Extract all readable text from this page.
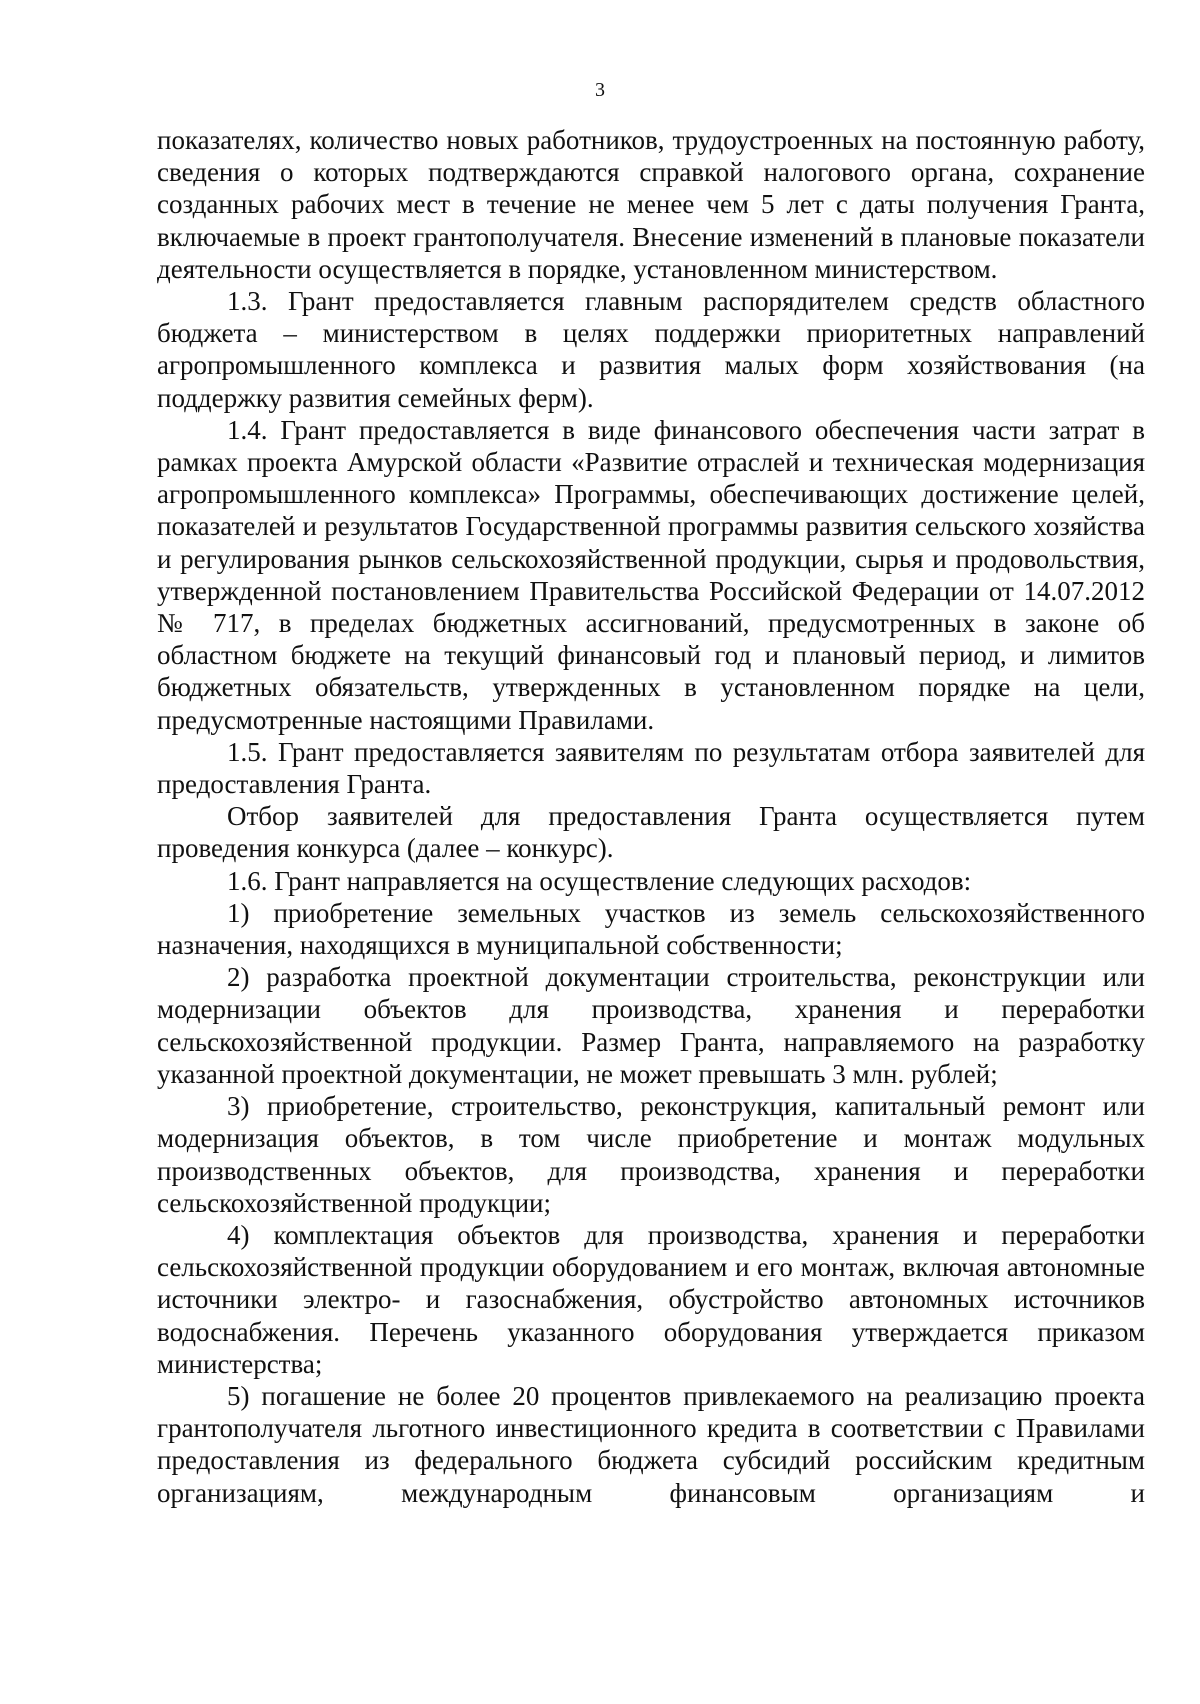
3

показателях, количество новых работников, трудоустроенных на постоянную работу, сведения о которых подтверждаются справкой налогового органа, сохранение созданных рабочих мест в течение не менее чем 5 лет с даты получения Гранта, включаемые в проект грантополучателя. Внесение изменений в плановые показатели деятельности осуществляется в порядке, установленном министерством.

1.3. Грант предоставляется главным распорядителем средств областного бюджета – министерством в целях поддержки приоритетных направлений агропромышленного комплекса и развития малых форм хозяйствования (на поддержку развития семейных ферм).

1.4. Грант предоставляется в виде финансового обеспечения части затрат в рамках проекта Амурской области «Развитие отраслей и техническая модернизация агропромышленного комплекса» Программы, обеспечивающих достижение целей, показателей и результатов Государственной программы развития сельского хозяйства и регулирования рынков сельскохозяйственной продукции, сырья и продовольствия, утвержденной постановлением Правительства Российской Федерации от 14.07.2012 № 717, в пределах бюджетных ассигнований, предусмотренных в законе об областном бюджете на текущий финансовый год и плановый период, и лимитов бюджетных обязательств, утвержденных в установленном порядке на цели, предусмотренные настоящими Правилами.

1.5. Грант предоставляется заявителям по результатам отбора заявителей для предоставления Гранта.

Отбор заявителей для предоставления Гранта осуществляется путем проведения конкурса (далее – конкурс).

1.6. Грант направляется на осуществление следующих расходов:

1) приобретение земельных участков из земель сельскохозяйственного назначения, находящихся в муниципальной собственности;

2) разработка проектной документации строительства, реконструкции или модернизации объектов для производства, хранения и переработки сельскохозяйственной продукции. Размер Гранта, направляемого на разработку указанной проектной документации, не может превышать 3 млн. рублей;

3) приобретение, строительство, реконструкция, капитальный ремонт или модернизация объектов, в том числе приобретение и монтаж модульных производственных объектов, для производства, хранения и переработки сельскохозяйственной продукции;

4) комплектация объектов для производства, хранения и переработки сельскохозяйственной продукции оборудованием и его монтаж, включая автономные источники электро- и газоснабжения, обустройство автономных источников водоснабжения. Перечень указанного оборудования утверждается приказом министерства;

5) погашение не более 20 процентов привлекаемого на реализацию проекта грантополучателя льготного инвестиционного кредита в соответствии с Правилами предоставления из федерального бюджета субсидий российским кредитным организациям, международным финансовым организациям и
